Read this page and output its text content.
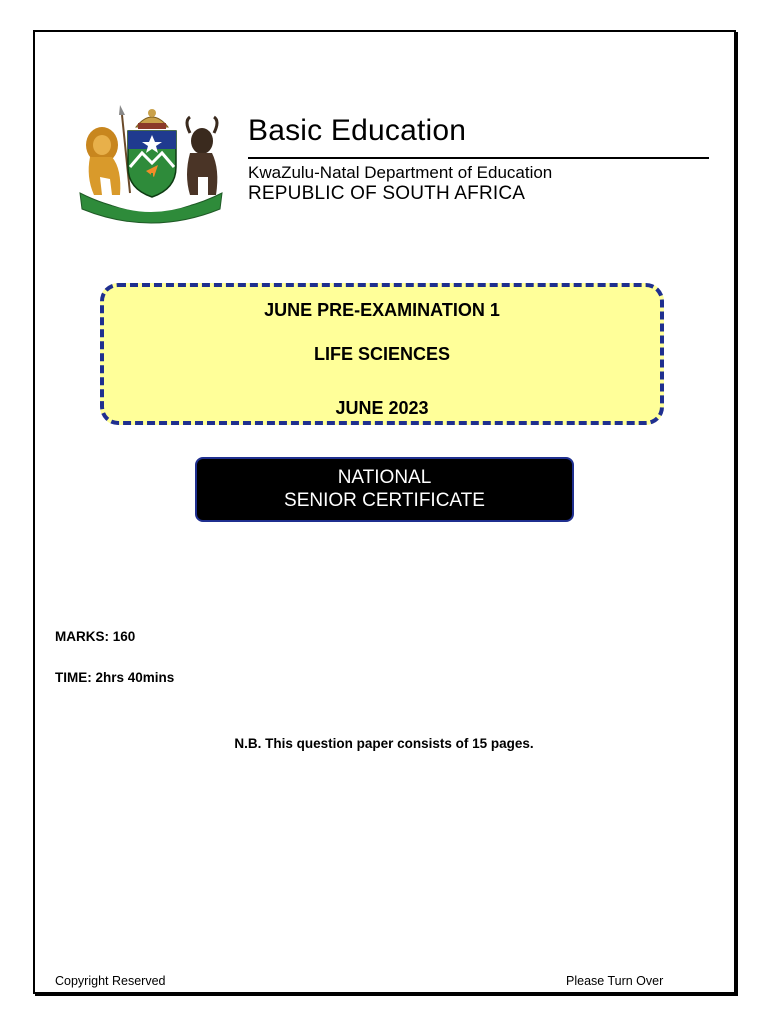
Basic Education
KwaZulu-Natal Department of Education
REPUBLIC OF SOUTH AFRICA
JUNE PRE-EXAMINATION 1
LIFE SCIENCES
JUNE 2023
NATIONAL
SENIOR CERTIFICATE
MARKS: 160
TIME: 2hrs 40mins
N.B. This question paper consists of 15 pages.
Copyright Reserved	Please Turn Over
